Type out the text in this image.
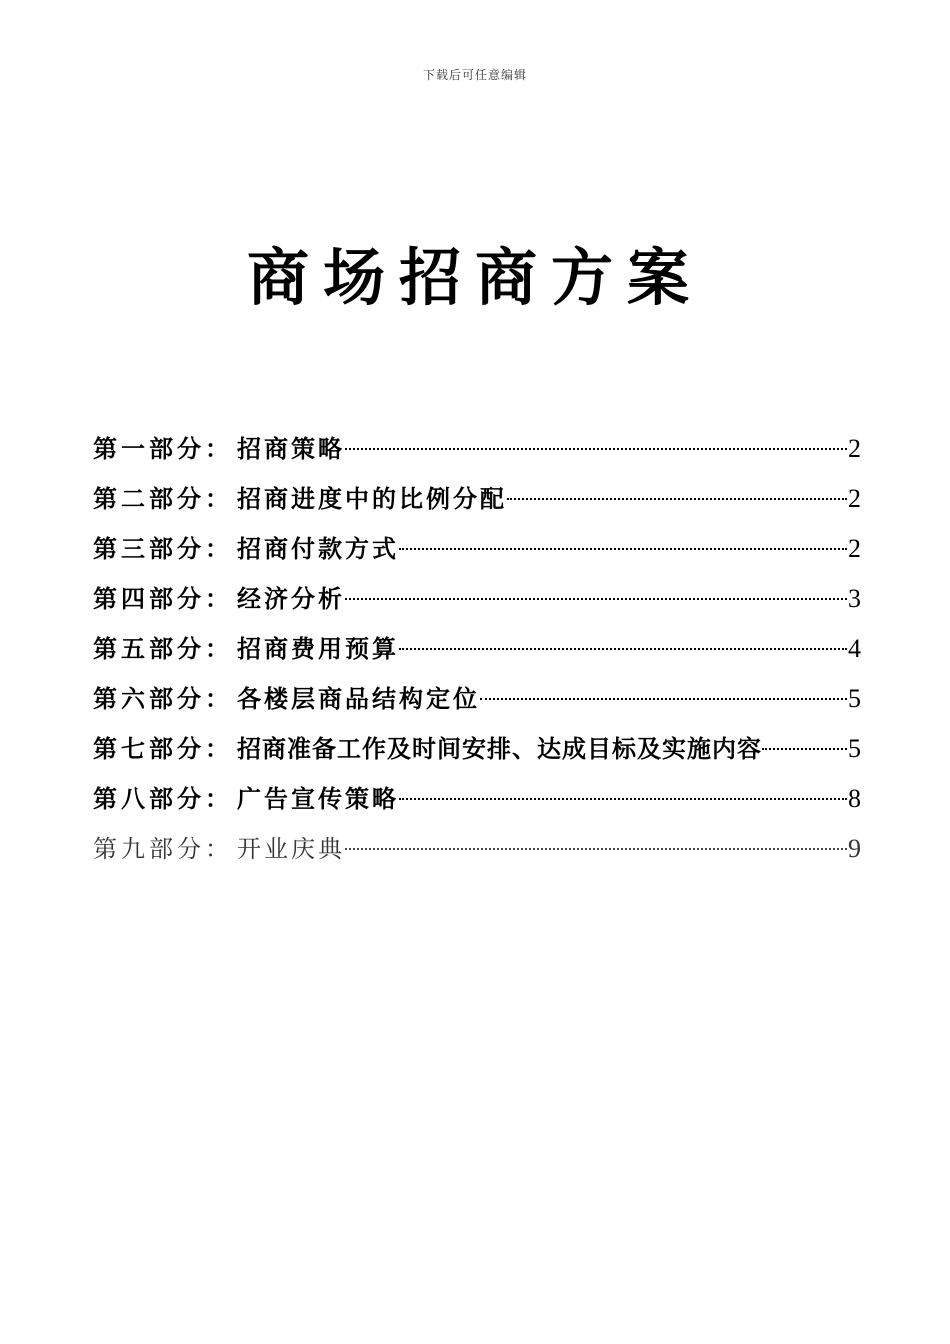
下载后可任意编辑
商场招商方案
第一部分 ： 招商策略	2
第二部分 ： 招商进度中的比例分配	2
第三部分 ： 招商付款方式	2
第四部分 ： 经济分析	3
第五部分 ： 招商费用预算	4
第六部分 ： 各楼层商品结构定位	5
第七部分 ： 招商准备工作及时间安排、达成目标及实施内容	5
第八部分 ： 广告宣传策略	8
第九部分 ： 开业庆典	9
